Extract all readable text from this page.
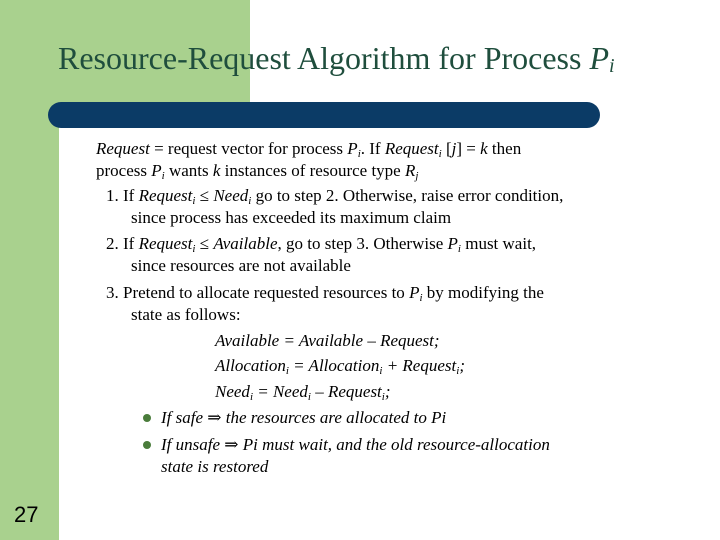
Resource-Request Algorithm for Process $P_i$
Request = request vector for process $P_i$. If Request$_i$ [j] = k then
process $P_i$ wants k instances of resource type $R_j$
1. If Request$_i$ ≤ Need$_i$ go to step 2. Otherwise, raise error condition,
since process has exceeded its maximum claim
2. If Request$_i$ ≤ Available, go to step 3. Otherwise $P_i$ must wait,
since resources are not available
3. Pretend to allocate requested resources to $P_i$ by modifying the
state as follows:
Available = Available – Request;
Allocation$_i$ = Allocation$_i$ + Request$_i$;
Need$_i$ = Need$_i$ – Request$_i$;
If safe ⇒ the resources are allocated to Pi
If unsafe ⇒ Pi must wait, and the old resource-allocation
state is restored
27
